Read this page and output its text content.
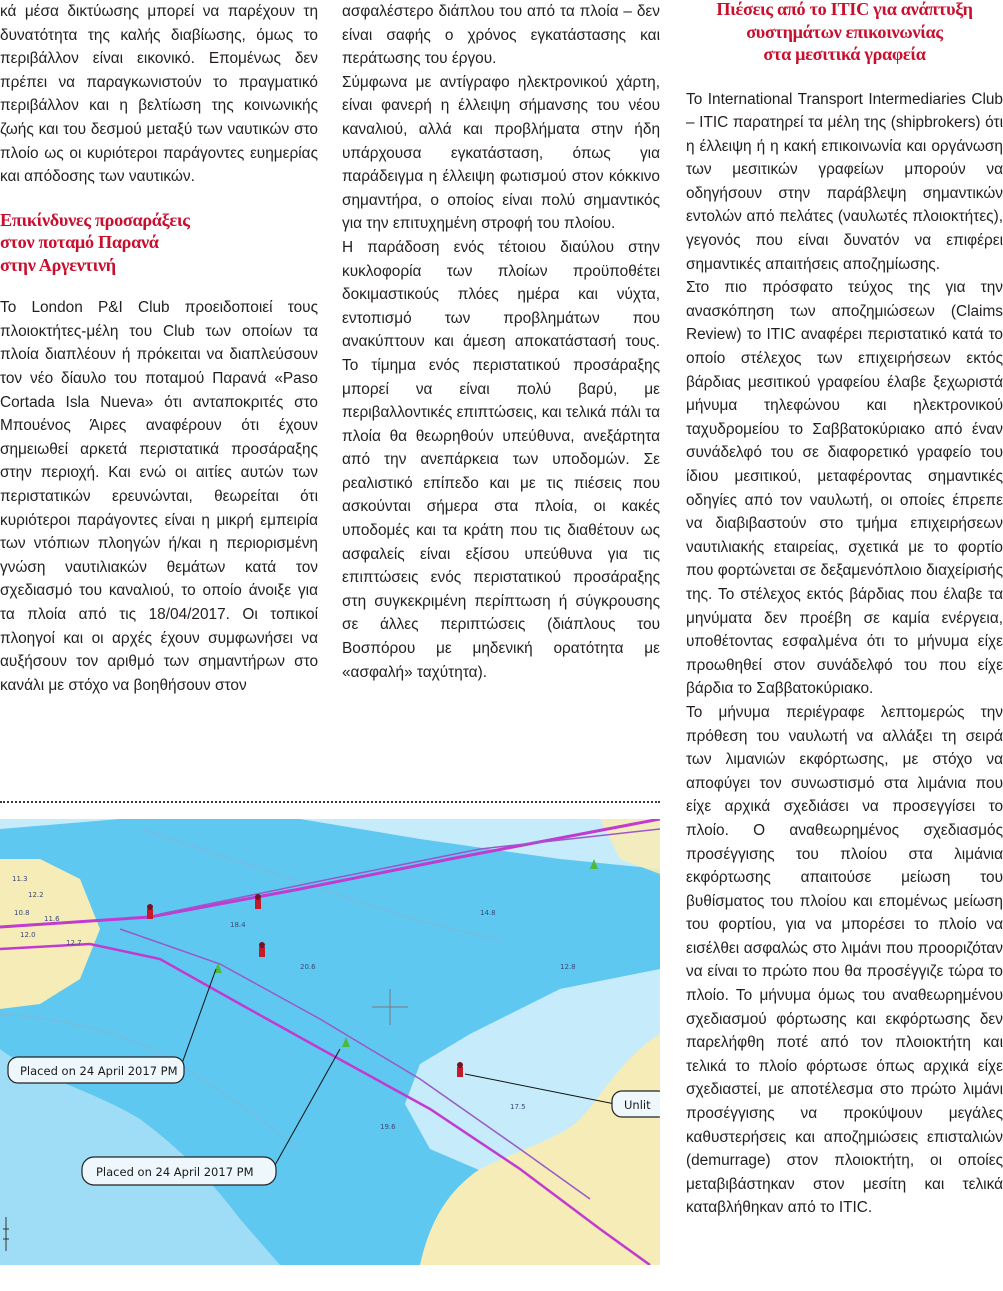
κά μέσα δικτύωσης μπορεί να παρέχουν τη δυνατότητα της καλής διαβίωσης, όμως το περιβάλλον είναι εικονικό. Επομένως δεν πρέπει να παραγκωνιστούν το πραγματικό περιβάλλον και η βελτίωση της κοινωνικής ζωής και του δεσμού μεταξύ των ναυτικών στο πλοίο ως οι κυριότεροι παράγοντες ευημερίας και απόδοσης των ναυτικών.

Επικίνδυνες προσαράξεις
στον ποταμό Παρανά
στην Αργεντινή

Το London P&I Club προειδοποιεί τους πλοιοκτήτες-μέλη του Club των οποίων τα πλοία διαπλέουν ή πρόκειται να διαπλεύσουν τον νέο δίαυλο του ποταμού Παρανά «Paso Cortada Isla Nueva» ότι ανταποκριτές στο Μπουένος Άιρες αναφέρουν ότι έχουν σημειωθεί αρκετά περιστατικά προσάραξης στην περιοχή. Και ενώ οι αιτίες αυτών των περιστατικών ερευνώνται, θεωρείται ότι κυριότεροι παράγοντες είναι η μικρή εμπειρία των ντόπιων πλοηγών ή/και η περιορισμένη γνώση ναυτιλιακών θεμάτων κατά τον σχεδιασμό του καναλιού, το οποίο άνοιξε για τα πλοία από τις 18/04/2017. Οι τοπικοί πλοηγοί και οι αρχές έχουν συμφωνήσει να αυξήσουν τον αριθμό των σημαντήρων στο κανάλι με στόχο να βοηθήσουν στον

ασφαλέστερο διάπλου του από τα πλοία – δεν είναι σαφής ο χρόνος εγκατάστασης και περάτωσης του έργου.

Σύμφωνα με αντίγραφο ηλεκτρονικού χάρτη, είναι φανερή η έλλειψη σήμανσης του νέου καναλιού, αλλά και προβλήματα στην ήδη υπάρχουσα εγκατάσταση, όπως για παράδειγμα η έλλειψη φωτισμού στον κόκκινο σημαντήρα, ο οποίος είναι πολύ σημαντικός για την επιτυχημένη στροφή του πλοίου.

Η παράδοση ενός τέτοιου διαύλου στην κυκλοφορία των πλοίων προϋποθέτει δοκιμαστικούς πλόες ημέρα και νύχτα, εντοπισμό των προβλημάτων που ανακύπτουν και άμεση αποκατάστασή τους. Το τίμημα ενός περιστατικού προσάραξης μπορεί να είναι πολύ βαρύ, με περιβαλλοντικές επιπτώσεις, και τελικά πάλι τα πλοία θα θεωρηθούν υπεύθυνα, ανεξάρτητα από την ανεπάρκεια των υποδομών. Σε ρεαλιστικό επίπεδο και με τις πιέσεις που ασκούνται σήμερα στα πλοία, οι κακές υποδομές και τα κράτη που τις διαθέτουν ως ασφαλείς είναι εξίσου υπεύθυνα για τις επιπτώσεις ενός περιστατικού προσάραξης στη συγκεκριμένη περίπτωση ή σύγκρουσης σε άλλες περιπτώσεις (διάπλους του Βοσπόρου με μηδενική ορατότητα με «ασφαλή» ταχύτητα).

Πιέσεις από το ITIC για ανάπτυξη
συστημάτων επικοινωνίας
στα μεσιτικά γραφεία

Το International Transport Intermediaries Club – ITIC παρατηρεί τα μέλη της (shipbrokers) ότι η έλλειψη ή η κακή επικοινωνία και οργάνωση των μεσιτικών γραφείων μπορούν να οδηγήσουν στην παράβλεψη σημαντικών εντολών από πελάτες (ναυλωτές πλοιοκτήτες), γεγονός που είναι δυνατόν να επιφέρει σημαντικές απαιτήσεις αποζημίωσης.

Στο πιο πρόσφατο τεύχος της για την ανασκόπηση των αποζημιώσεων (Claims Review) το ITIC αναφέρει περιστατικό κατά το οποίο στέλεχος των επιχειρήσεων εκτός βάρδιας μεσιτικού γραφείου έλαβε ξεχωριστά μήνυμα τηλεφώνου και ηλεκτρονικού ταχυδρομείου το Σαββατοκύριακο από έναν συνάδελφό του σε διαφορετικό γραφείο του ίδιου μεσιτικού, μεταφέροντας σημαντικές οδηγίες από τον ναυλωτή, οι οποίες έπρεπε να διαβιβαστούν στο τμήμα επιχειρήσεων ναυτιλιακής εταιρείας, σχετικά με το φορτίο που φορτώνεται σε δεξαμενόπλοιο διαχείρισής της. Το στέλεχος εκτός βάρδιας που έλαβε τα μηνύματα δεν προέβη σε καμία ενέργεια, υποθέτοντας εσφαλμένα ότι το μήνυμα είχε προωθηθεί στον συνάδελφό του που είχε βάρδια το Σαββατοκύριακο.

Το μήνυμα περιέγραφε λεπτομερώς την πρόθεση του ναυλωτή να αλλάξει τη σειρά των λιμανιών εκφόρτωσης, με στόχο να αποφύγει τον συνωστισμό στα λιμάνια που είχε αρχικά σχεδιάσει να προσεγγίσει το πλοίο. Ο αναθεωρημένος σχεδιασμός προσέγγισης του πλοίου στα λιμάνια εκφόρτωσης απαιτούσε μείωση του βυθίσματος του πλοίου και επομένως μείωση του φορτίου, για να μπορέσει το πλοίο να εισέλθει ασφαλώς στο λιμάνι που προοριζόταν να είναι το πρώτο που θα προσέγγιζε τώρα το πλοίο. Το μήνυμα όμως του αναθεωρημένου σχεδιασμού φόρτωσης και εκφόρτωσης δεν παρελήφθη ποτέ από τον πλοιοκτήτη και τελικά το πλοίο φόρτωσε όπως αρχικά είχε σχεδιαστεί, με αποτέλεσμα στο πρώτο λιμάνι προσέγγισης να προκύψουν μεγάλες καθυστερήσεις και αποζημιώσεις επισταλιών (demurrage) στον πλοιοκτήτη, οι οποίες μεταβιβάστηκαν στον μεσίτη και τελικά καταβλήθηκαν από το ITIC.

11.3
12.2
10.8
11.6
12.0
12.7
18.4
20.6
14.8
12.8
17.5
19.6
Placed on 24 April 2017 PM
Placed on 24 April 2017 PM
Unlit
